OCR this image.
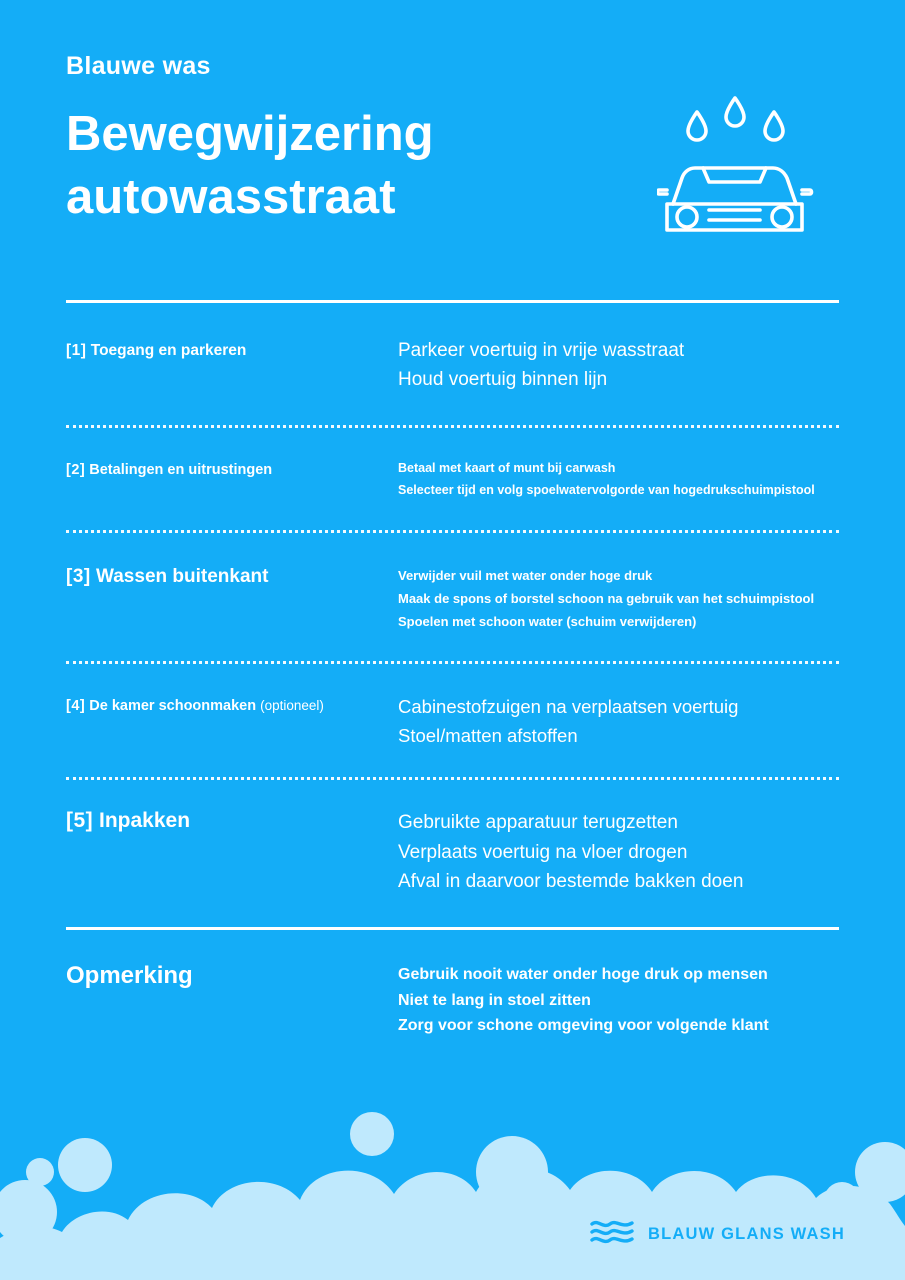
Blauwe was
Bewegwijzering autowasstraat
[1] Toegang en parkeren	Parkeer voertuig in vrije wasstraat

Houd voertuig binnen lijn

[2] Betalingen en uitrustingen	Betaal met kaart of munt bij carwash

Selecteer tijd en volg spoelwatervolgorde van hogedrukschuimpistool

[3] Wassen buitenkant	Verwijder vuil met water onder hoge druk

Maak de spons of borstel schoon na gebruik van het schuimpistool

Spoelen met schoon water (schuim verwijderen)

[4] De kamer schoonmaken (optioneel)	Cabinestofzuigen na verplaatsen voertuig

Stoel/matten afstoffen

[5] Inpakken	Gebruikte apparatuur terugzetten

Verplaats voertuig na vloer drogen

Afval in daarvoor bestemde bakken doen

Opmerking	Gebruik nooit water onder hoge druk op mensen

Niet te lang in stoel zitten

Zorg voor schone omgeving voor volgende klant

BLAUW GLANS WASH
